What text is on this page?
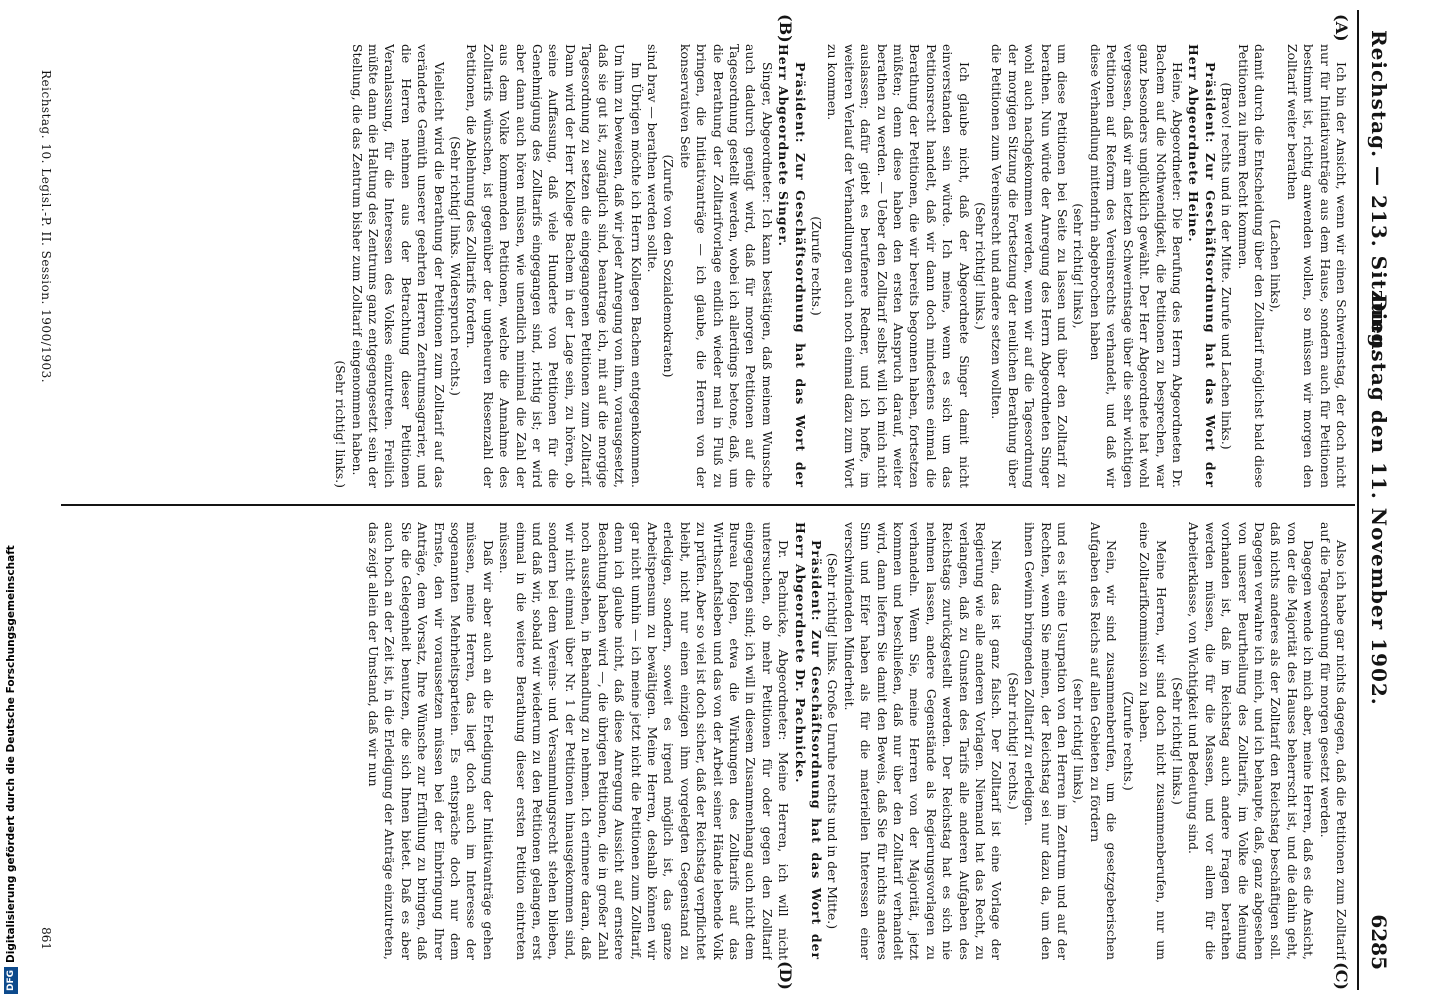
Reichstag. — 213. Sitzung.
Dienstag den 11. November 1902.
6285
(A)
(B)
(C)
(D)

Ich bin der Ansicht, wenn wir einen Schwerinstag, der doch nicht nur für Initiativanträge aus dem Hause, sondern auch für Petitionen bestimmt ist, richtig anwenden wollen, so müssen wir morgen den Zolltarif weiter berathen

(Lachen links),

damit durch die Entscheidung über den Zolltarif möglichst bald diese Petitionen zu ihrem Recht kommen.

(Bravo! rechts und in der Mitte. Zurufe und Lachen links.)

Präsident: Zur Geschäftsordnung hat das Wort der Herr Abgeordnete Heine.

Heine, Abgeordneter: Die Berufung des Herrn Abgeordneten Dr. Bachem auf die Nothwendigkeit, die Petitionen zu besprechen, war ganz besonders unglücklich gewählt. Der Herr Abgeordnete hat wohl vergessen, daß wir am letzten Schwerinstage über die sehr wichtigen Petitionen auf Reform des Vereinsrechts verhandelt, und daß wir diese Verhandlung mittendrin abgebrochen haben

(sehr richtig! links),

um diese Petitionen bei Seite zu lassen und über den Zolltarif zu berathen. Nun würde der Anregung des Herrn Abgeordneten Singer wohl auch nachgekommen werden, wenn wir auf die Tagesordnung der morgigen Sitzung die Fortsetzung der neulichen Berathung über die Petitionen zum Vereinsrecht und andere setzen wollten.

(Sehr richtig! links.)

Ich glaube nicht, daß der Abgeordnete Singer damit nicht einverstanden sein würde. Ich meine, wenn es sich um das Petitionsrecht handelt, daß wir dann doch mindestens einmal die Berathung der Petitionen, die wir bereits begonnen haben, fortsetzen müßten; denn diese haben den ersten Anspruch darauf, weiter berathen zu werden. — Ueber den Zolltarif selbst will ich mich nicht auslassen; dafür giebt es berufenere Redner, und ich hoffe, im weiteren Verlauf der Verhandlungen auch noch einmal dazu zum Wort zu kommen.

(Zurufe rechts.)

Präsident: Zur Geschäftsordnung hat das Wort der Herr Abgeordnete Singer.

Singer, Abgeordneter: Ich kann bestätigen, daß meinem Wunsche auch dadurch genügt wird, daß für morgen Petitionen auf die Tagesordnung gestellt werden, wobei ich allerdings betone, daß, um die Berathung der Zolltarifvorlage endlich wieder mal in Fluß zu bringen, die Initiativanträge — ich glaube, die Herren von der konservativen Seite

(Zurufe von den Sozialdemokraten)

sind brav — berathen werden sollte.

Im Übrigen möchte ich Herrn Kollegen Bachem entgegenkommen. Um ihm zu beweisen, daß wir jeder Anregung von ihm, vorausgesetzt, daß sie gut ist, zugänglich sind, beantrage ich, mit auf die morgige Tagesordnung zu setzen die eingegangenen Petitionen zum Zolltarif. Dann wird der Herr Kollege Bachem in der Lage sein, zu hören, ob seine Auffassung, daß viele Hunderte von Petitionen für die Genehmigung des Zolltarifs eingegangen sind, richtig ist; er wird aber dann auch hören müssen, wie unendlich minimal die Zahl der aus dem Volke kommenden Petitionen, welche die Annahme des Zolltarifs wünschen, ist gegenüber der ungeheuren Riesenzahl der Petitionen, die Ablehnung des Zolltarifs fordern.

(Sehr richtig! links. Widerspruch rechts.)

Vielleicht wird die Berathung der Petitionen zum Zolltarif auf das veränderte Gemüth unserer geehrten Herren Zentrumsagrarier, und die Herren nehmen aus der Betrachtung dieser Petitionen Veranlassung, für die Interessen des Volkes einzutreten. Freilich müßte dann die Haltung des Zentrums ganz entgegengesetzt sein der Stellung, die das Zentrum bisher zum Zolltarif eingenommen haben.

(Sehr richtig! links.)

Also ich habe gar nichts dagegen, daß die Petitionen zum Zolltarif auf die Tagesordnung für morgen gesetzt werden.

Dagegen wende ich mich aber, meine Herren, daß es die Ansicht, von der die Majorität des Hauses beherrscht ist, und die dahin geht, daß nichts anderes als der Zolltarif den Reichstag beschäftigen soll. Dagegen verwahre ich mich, und ich behaupte, daß, ganz abgesehen von unserer Beurtheilung des Zolltarifs, im Volke die Meinung vorhanden ist, daß im Reichstag auch andere Fragen berathen werden müssen, die für die Massen, und vor allem für die Arbeiterklasse, von Wichtigkeit und Bedeutung sind.

(Sehr richtig! links.)

Meine Herren, wir sind doch nicht zusammenberufen, nur um eine Zolltarifkommission zu haben.

(Zurufe rechts.)

Nein, wir sind zusammenberufen, um die gesetzgeberischen Aufgaben des Reichs auf allen Gebieten zu fördern

(sehr richtig! links),

und es ist eine Usurpation von den Herren im Zentrum und auf der Rechten, wenn Sie meinen, der Reichstag sei nur dazu da, um den ihnen Gewinn bringenden Zolltarif zu erledigen.

(Sehr richtig! rechts.)

Nein, das ist ganz falsch. Der Zolltarif ist eine Vorlage der Regierung wie alle anderen Vorlagen. Niemand hat das Recht, zu verlangen, daß zu Gunsten des Tarifs alle anderen Aufgaben des Reichstags zurückgestellt werden. Der Reichstag hat es sich nie nehmen lassen, andere Gegenstände als Regierungsvorlagen zu verhandeln. Wenn Sie, meine Herren von der Majorität, jetzt kommen und beschließen, daß nur über den Zolltarif verhandelt wird, dann liefern Sie damit den Beweis, daß Sie für nichts anderes Sinn und Eifer haben als für die materiellen Interessen einer verschwindenden Minderheit.

(Sehr richtig! links. Große Unruhe rechts und in der Mitte.)

Präsident: Zur Geschäftsordnung hat das Wort der Herr Abgeordnete Dr. Pachnicke.

Dr. Pachnicke, Abgeordneter: Meine Herren, ich will nicht untersuchen, ob mehr Petitionen für oder gegen den Zolltarif eingegangen sind; ich will in diesem Zusammenhang auch nicht dem Bureau folgen, etwa die Wirkungen des Zolltarifs auf das Wirthschaftsleben und das von der Arbeit seiner Hände lebende Volk zu prüfen. Aber so viel ist doch sicher, daß der Reichstag verpflichtet bleibt, nicht nur einen einzigen ihm vorgelegten Gegenstand zu erledigen, sondern, soweit es irgend möglich ist, das ganze Arbeitspensum zu bewältigen. Meine Herren, deshalb können wir gar nicht umhin — ich meine jetzt nicht die Petitionen zum Zolltarif, denn ich glaube nicht, daß diese Anregung Aussicht auf ernstere Beachtung haben wird —, die übrigen Petitionen, die in großer Zahl noch ausstehen, in Behandlung zu nehmen. Ich erinnere daran, daß wir nicht einmal über Nr. 1 der Petitionen hinausgekommen sind, sondern bei dem Vereins- und Versammlungsrecht stehen blieben, und daß wir, sobald wir wiederum zu den Petitionen gelangen, erst einmal in die weitere Berathung dieser ersten Petition eintreten müssen.

Daß wir aber auch an die Erledigung der Initiativanträge gehen müssen, meine Herren, das liegt doch auch im Interesse der sogenannten Mehrheitsparteien. Es entspräche doch nur dem Ernste, den wir voraussetzen müssen bei der Einbringung Ihrer Anträge, dem Vorsatz, Ihre Wünsche zur Erfüllung zu bringen, daß Sie die Gelegenheit benutzen, die sich Ihnen bietet. Daß es aber auch hoch an der Zeit ist, in die Erledigung der Anträge einzutreten, das zeigt allein der Umstand, daß wir nun

Reichstag. 10. Legisl.-P. II. Session. 1900/1903.
861
DFGDigitalisierung gefördert durch die Deutsche Forschungsgemeinschaft
